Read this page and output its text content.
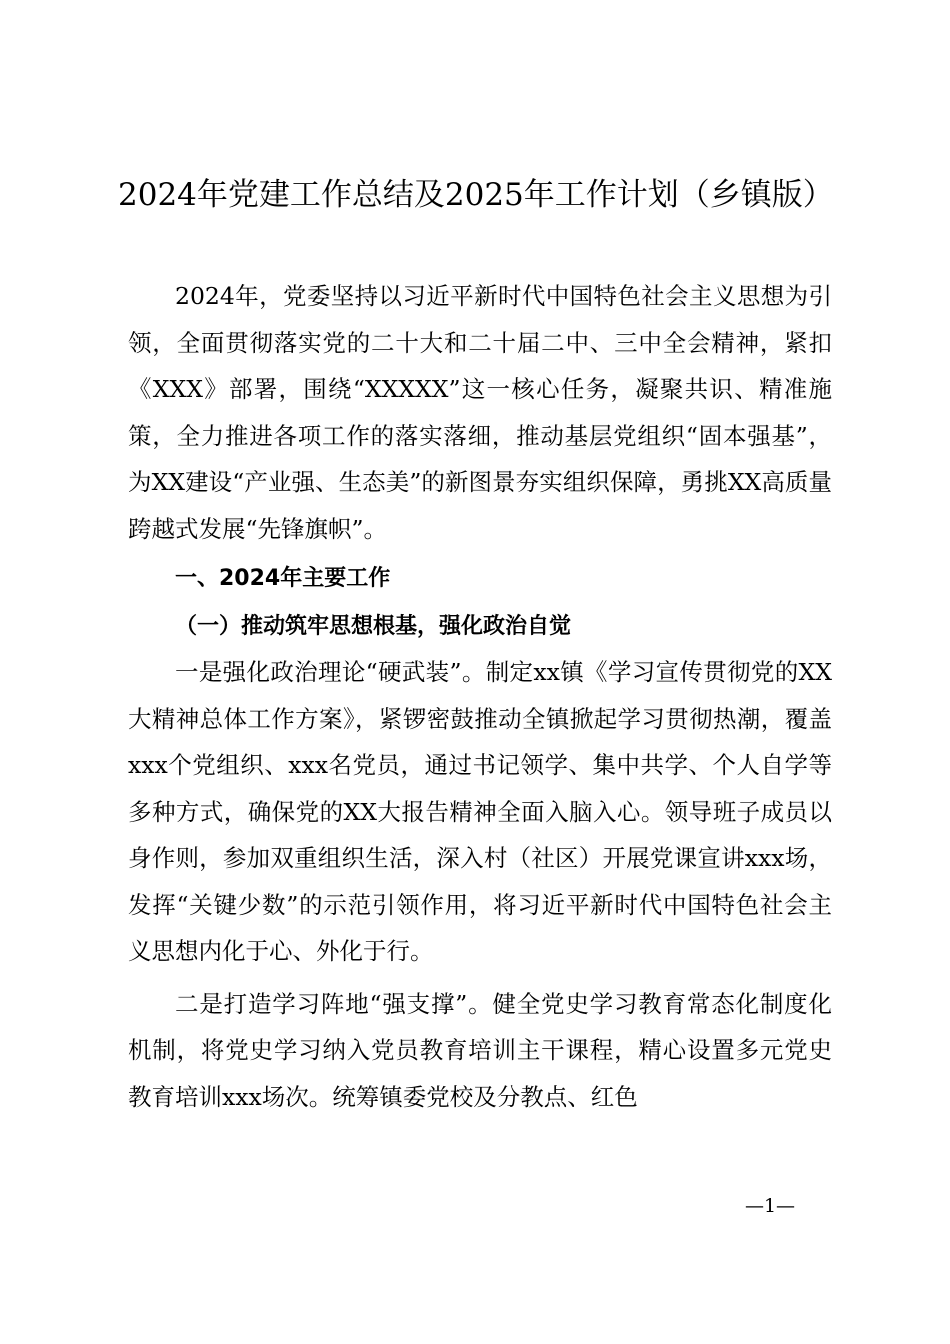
2024年党建工作总结及2025年工作计划（乡镇版）

2024年，党委坚持以习近平新时代中国特色社会主义思想为引领，全面贯彻落实党的二十大和二十届二中、三中全会精神，紧扣《XXX》部署，围绕“XXXXX”这一核心任务，凝聚共识、精准施策，全力推进各项工作的落实落细，推动基层党组织“固本强基”，为XX建设“产业强、生态美”的新图景夯实组织保障，勇挑XX高质量跨越式发展“先锋旗帜”。

一、2024年主要工作

（一）推动筑牢思想根基，强化政治自觉

一是强化政治理论“硬武装”。制定xx镇《学习宣传贯彻党的XX大精神总体工作方案》，紧锣密鼓推动全镇掀起学习贯彻热潮，覆盖xxx个党组织、xxx名党员，通过书记领学、集中共学、个人自学等多种方式，确保党的XX大报告精神全面入脑入心。领导班子成员以身作则，参加双重组织生活，深入村（社区）开展党课宣讲xxx场，发挥“关键少数”的示范引领作用，将习近平新时代中国特色社会主义思想内化于心、外化于行。

二是打造学习阵地“强支撑”。健全党史学习教育常态化制度化机制，将党史学习纳入党员教育培训主干课程，精心设置多元党史教育培训xxx场次。统筹镇委党校及分教点、红色

—1—
